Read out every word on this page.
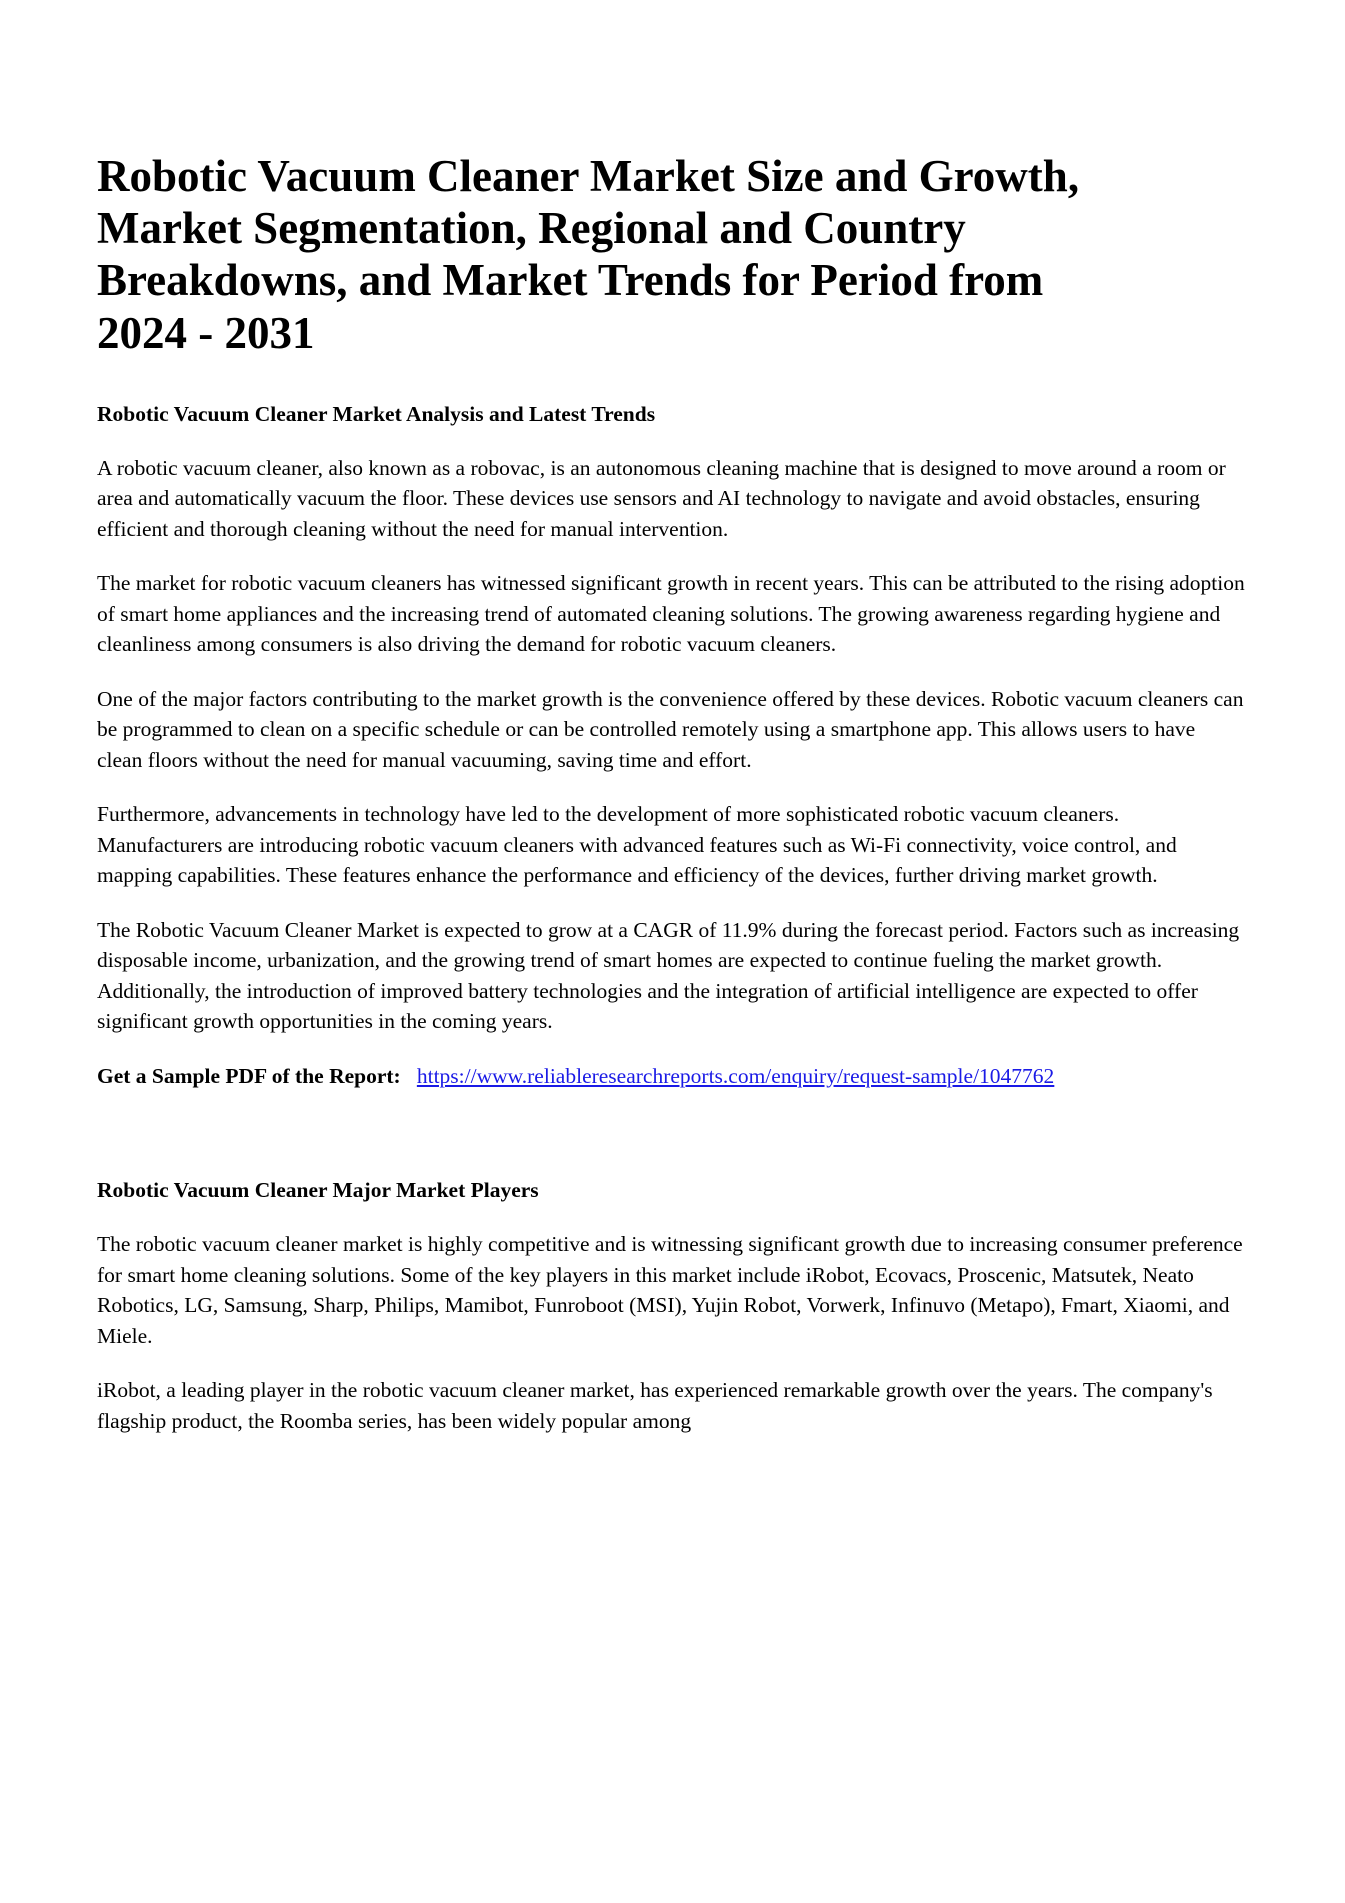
Robotic Vacuum Cleaner Market Size and Growth, Market Segmentation, Regional and Country Breakdowns, and Market Trends for Period from 2024 - 2031
Robotic Vacuum Cleaner Market Analysis and Latest Trends

A robotic vacuum cleaner, also known as a robovac, is an autonomous cleaning machine that is designed to move around a room or area and automatically vacuum the floor. These devices use sensors and AI technology to navigate and avoid obstacles, ensuring efficient and thorough cleaning without the need for manual intervention.

The market for robotic vacuum cleaners has witnessed significant growth in recent years. This can be attributed to the rising adoption of smart home appliances and the increasing trend of automated cleaning solutions. The growing awareness regarding hygiene and cleanliness among consumers is also driving the demand for robotic vacuum cleaners.

One of the major factors contributing to the market growth is the convenience offered by these devices. Robotic vacuum cleaners can be programmed to clean on a specific schedule or can be controlled remotely using a smartphone app. This allows users to have clean floors without the need for manual vacuuming, saving time and effort.

Furthermore, advancements in technology have led to the development of more sophisticated robotic vacuum cleaners. Manufacturers are introducing robotic vacuum cleaners with advanced features such as Wi-Fi connectivity, voice control, and mapping capabilities. These features enhance the performance and efficiency of the devices, further driving market growth.

The Robotic Vacuum Cleaner Market is expected to grow at a CAGR of 11.9% during the forecast period. Factors such as increasing disposable income, urbanization, and the growing trend of smart homes are expected to continue fueling the market growth. Additionally, the introduction of improved battery technologies and the integration of artificial intelligence are expected to offer significant growth opportunities in the coming years.

Get a Sample PDF of the Report: https://www.reliableresearchreports.com/enquiry/request-sample/1047762

Robotic Vacuum Cleaner Major Market Players

The robotic vacuum cleaner market is highly competitive and is witnessing significant growth due to increasing consumer preference for smart home cleaning solutions. Some of the key players in this market include iRobot, Ecovacs, Proscenic, Matsutek, Neato Robotics, LG, Samsung, Sharp, Philips, Mamibot, Funroboot (MSI), Yujin Robot, Vorwerk, Infinuvo (Metapo), Fmart, Xiaomi, and Miele.

iRobot, a leading player in the robotic vacuum cleaner market, has experienced remarkable growth over the years. The company's flagship product, the Roomba series, has been widely popular among
